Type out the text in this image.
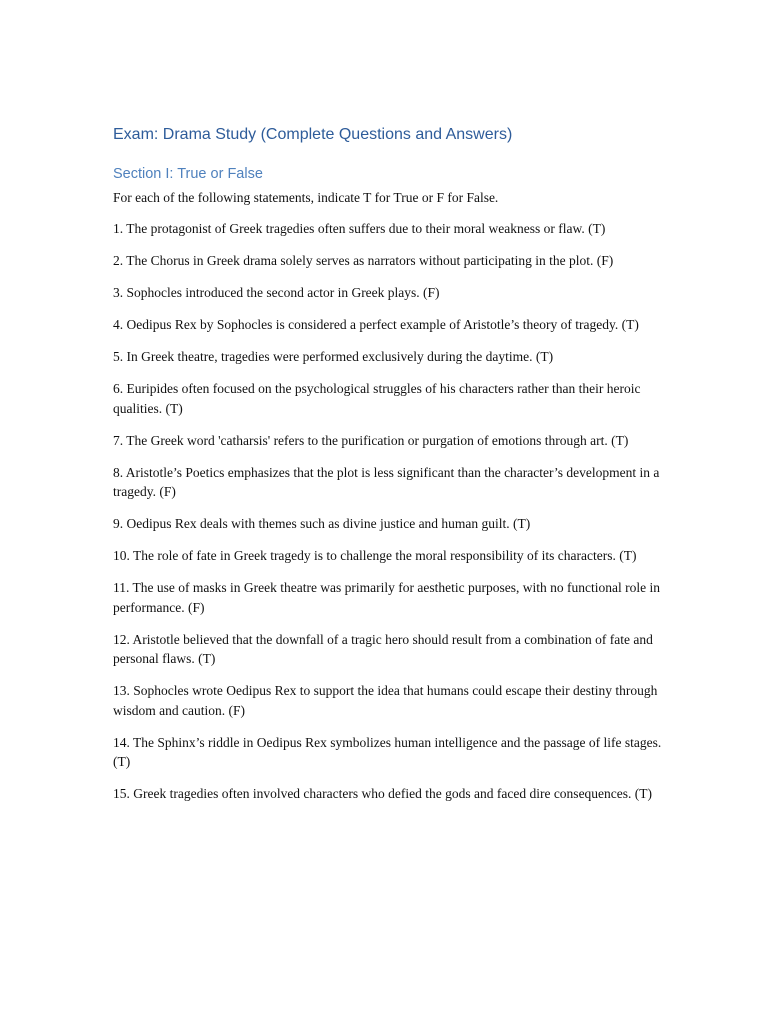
Exam: Drama Study (Complete Questions and Answers)
Section I: True or False

For each of the following statements, indicate T for True or F for False.

1. The protagonist of Greek tragedies often suffers due to their moral weakness or flaw. (T)

2. The Chorus in Greek drama solely serves as narrators without participating in the plot. (F)

3. Sophocles introduced the second actor in Greek plays. (F)

4. Oedipus Rex by Sophocles is considered a perfect example of Aristotle’s theory of tragedy. (T)

5. In Greek theatre, tragedies were performed exclusively during the daytime. (T)

6. Euripides often focused on the psychological struggles of his characters rather than their heroic qualities. (T)

7. The Greek word 'catharsis' refers to the purification or purgation of emotions through art. (T)

8. Aristotle’s Poetics emphasizes that the plot is less significant than the character’s development in a tragedy. (F)

9. Oedipus Rex deals with themes such as divine justice and human guilt. (T)

10. The role of fate in Greek tragedy is to challenge the moral responsibility of its characters. (T)

11. The use of masks in Greek theatre was primarily for aesthetic purposes, with no functional role in performance. (F)

12. Aristotle believed that the downfall of a tragic hero should result from a combination of fate and personal flaws. (T)

13. Sophocles wrote Oedipus Rex to support the idea that humans could escape their destiny through wisdom and caution. (F)

14. The Sphinx’s riddle in Oedipus Rex symbolizes human intelligence and the passage of life stages. (T)

15. Greek tragedies often involved characters who defied the gods and faced dire consequences. (T)
